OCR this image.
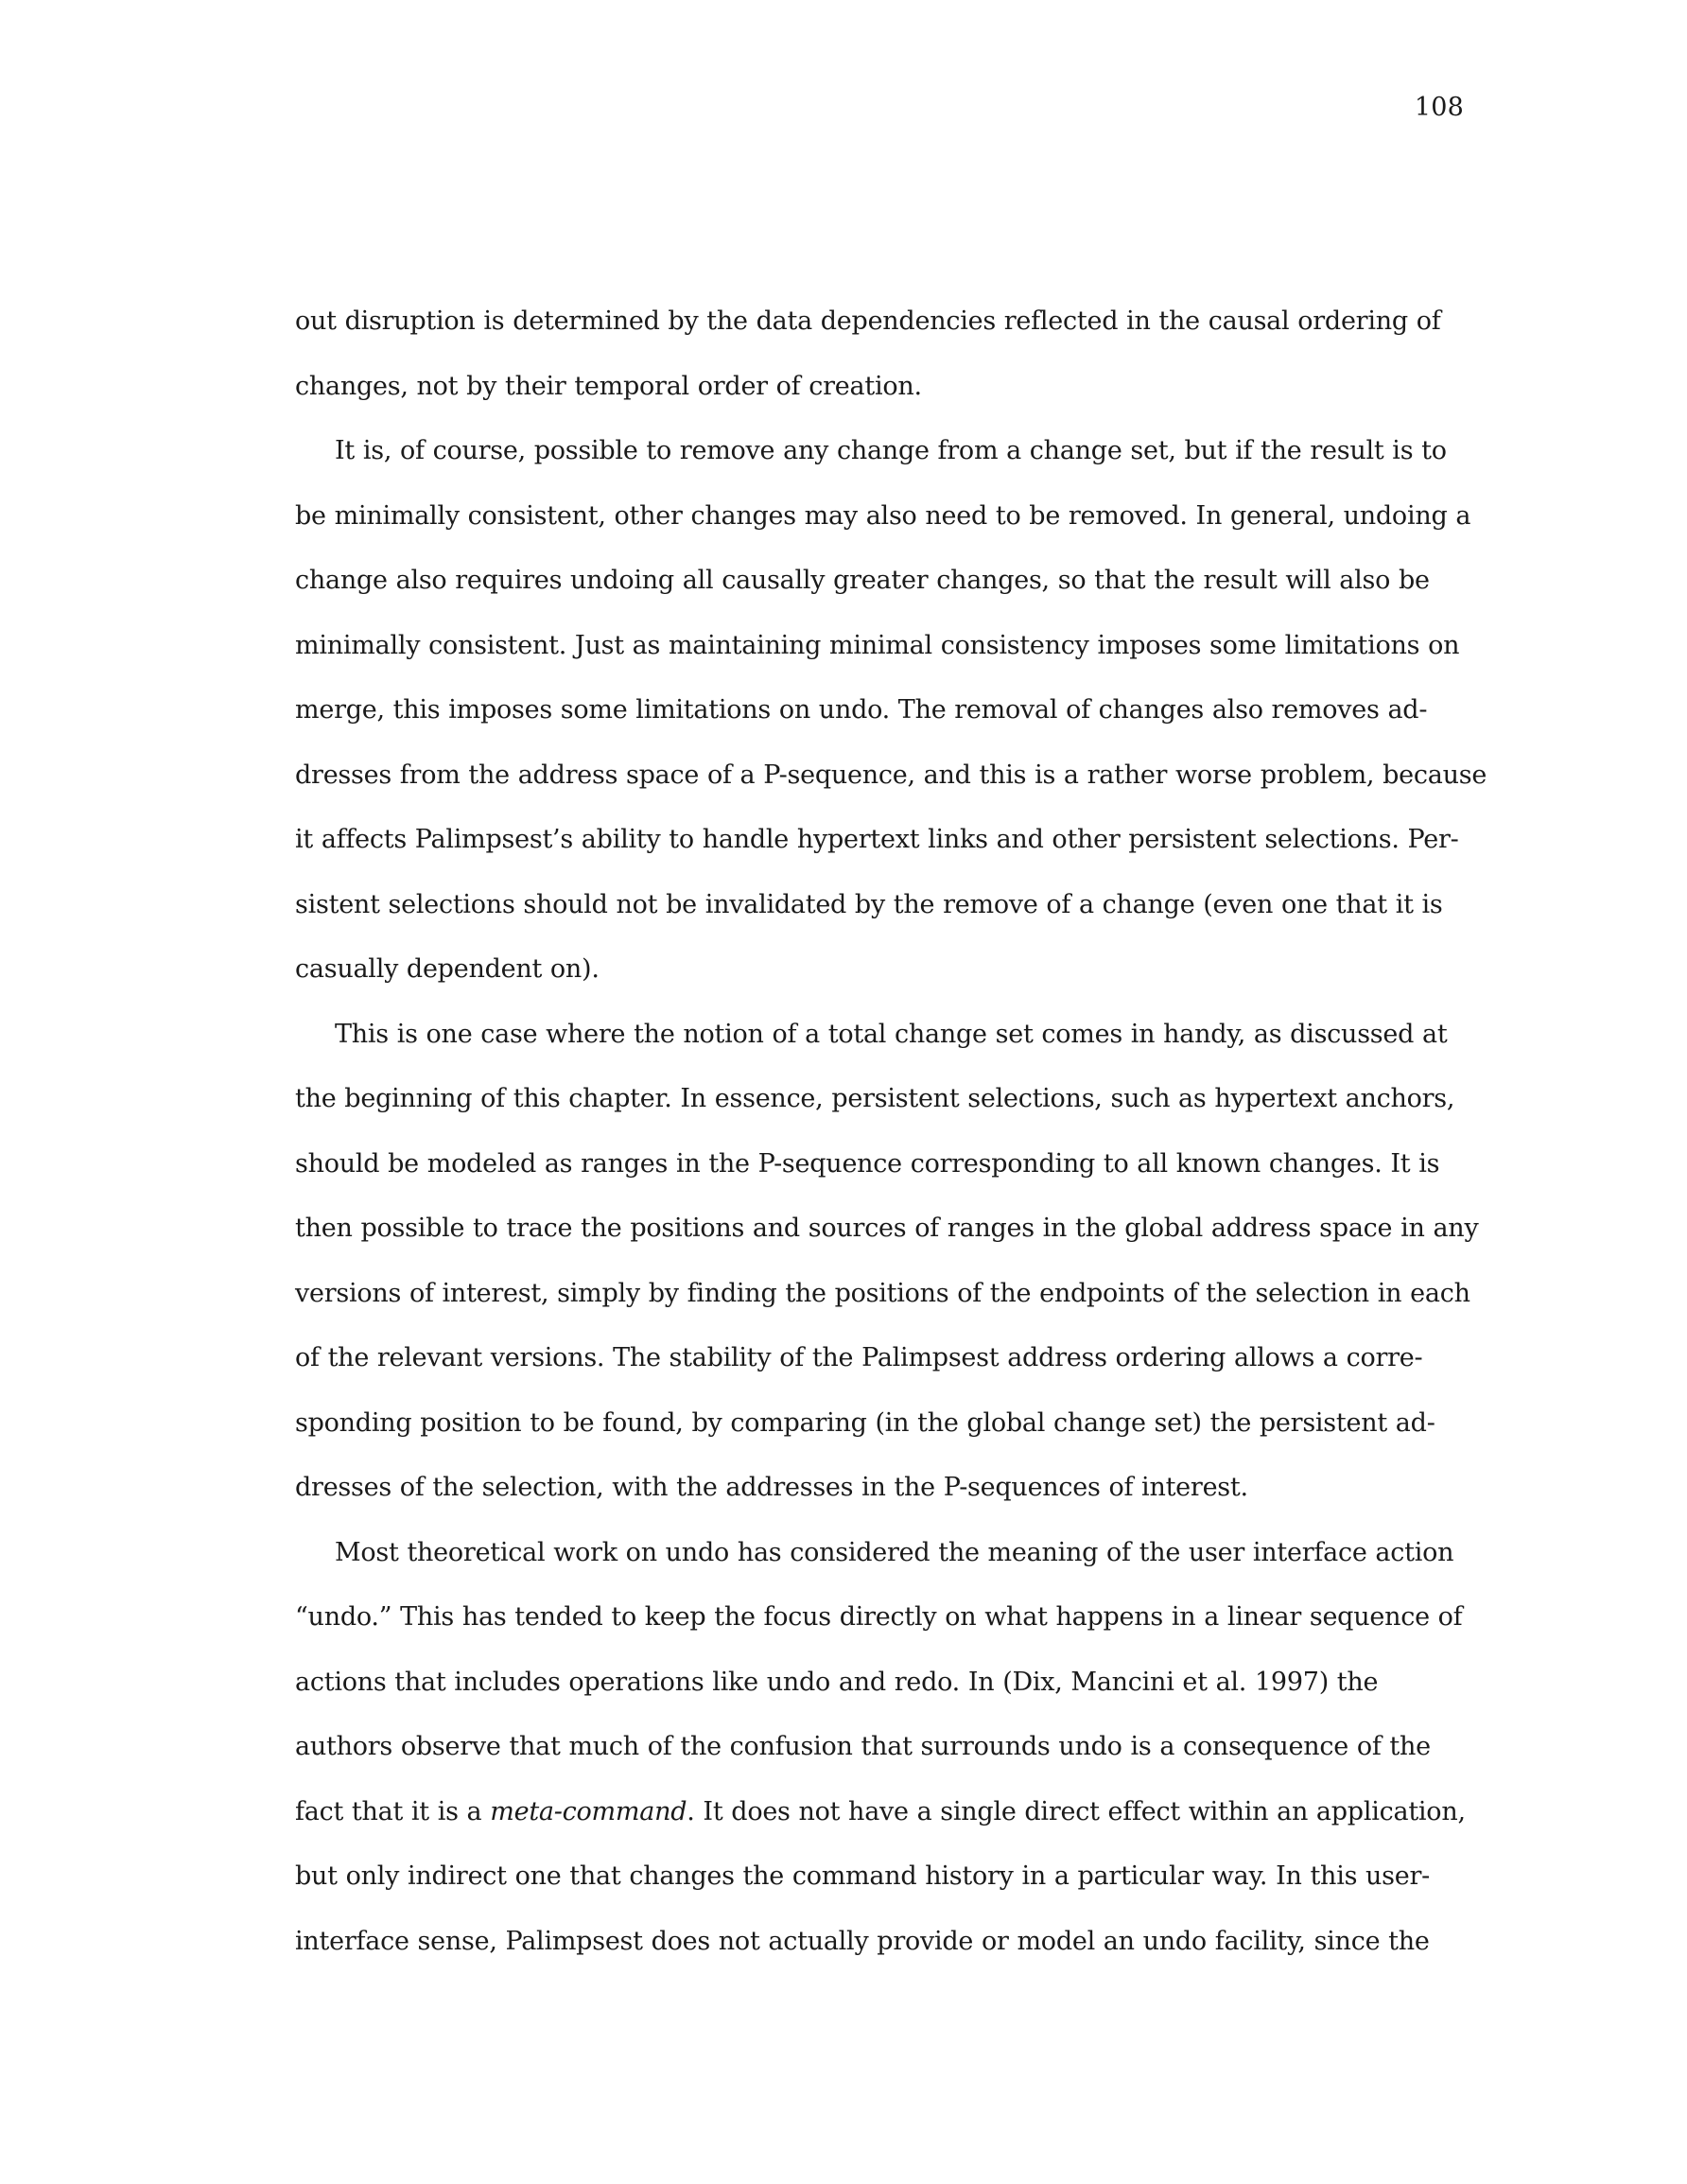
108
out disruption is determined by the data dependencies reflected in the causal ordering of
changes, not by their temporal order of creation.
It is, of course, possible to remove any change from a change set, but if the result is to
be minimally consistent, other changes may also need to be removed. In general, undoing a
change also requires undoing all causally greater changes, so that the result will also be
minimally consistent. Just as maintaining minimal consistency imposes some limitations on
merge, this imposes some limitations on undo. The removal of changes also removes ad-
dresses from the address space of a P-sequence, and this is a rather worse problem, because
it affects Palimpsest’s ability to handle hypertext links and other persistent selections. Per-
sistent selections should not be invalidated by the remove of a change (even one that it is
casually dependent on).
This is one case where the notion of a total change set comes in handy, as discussed at
the beginning of this chapter. In essence, persistent selections, such as hypertext anchors,
should be modeled as ranges in the P-sequence corresponding to all known changes. It is
then possible to trace the positions and sources of ranges in the global address space in any
versions of interest, simply by finding the positions of the endpoints of the selection in each
of the relevant versions. The stability of the Palimpsest address ordering allows a corre-
sponding position to be found, by comparing (in the global change set) the persistent ad-
dresses of the selection, with the addresses in the P-sequences of interest.
Most theoretical work on undo has considered the meaning of the user interface action
“undo.” This has tended to keep the focus directly on what happens in a linear sequence of
actions that includes operations like undo and redo. In (Dix, Mancini et al. 1997) the
authors observe that much of the confusion that surrounds undo is a consequence of the
fact that it is a meta-command. It does not have a single direct effect within an application,
but only indirect one that changes the command history in a particular way. In this user-
interface sense, Palimpsest does not actually provide or model an undo facility, since the
